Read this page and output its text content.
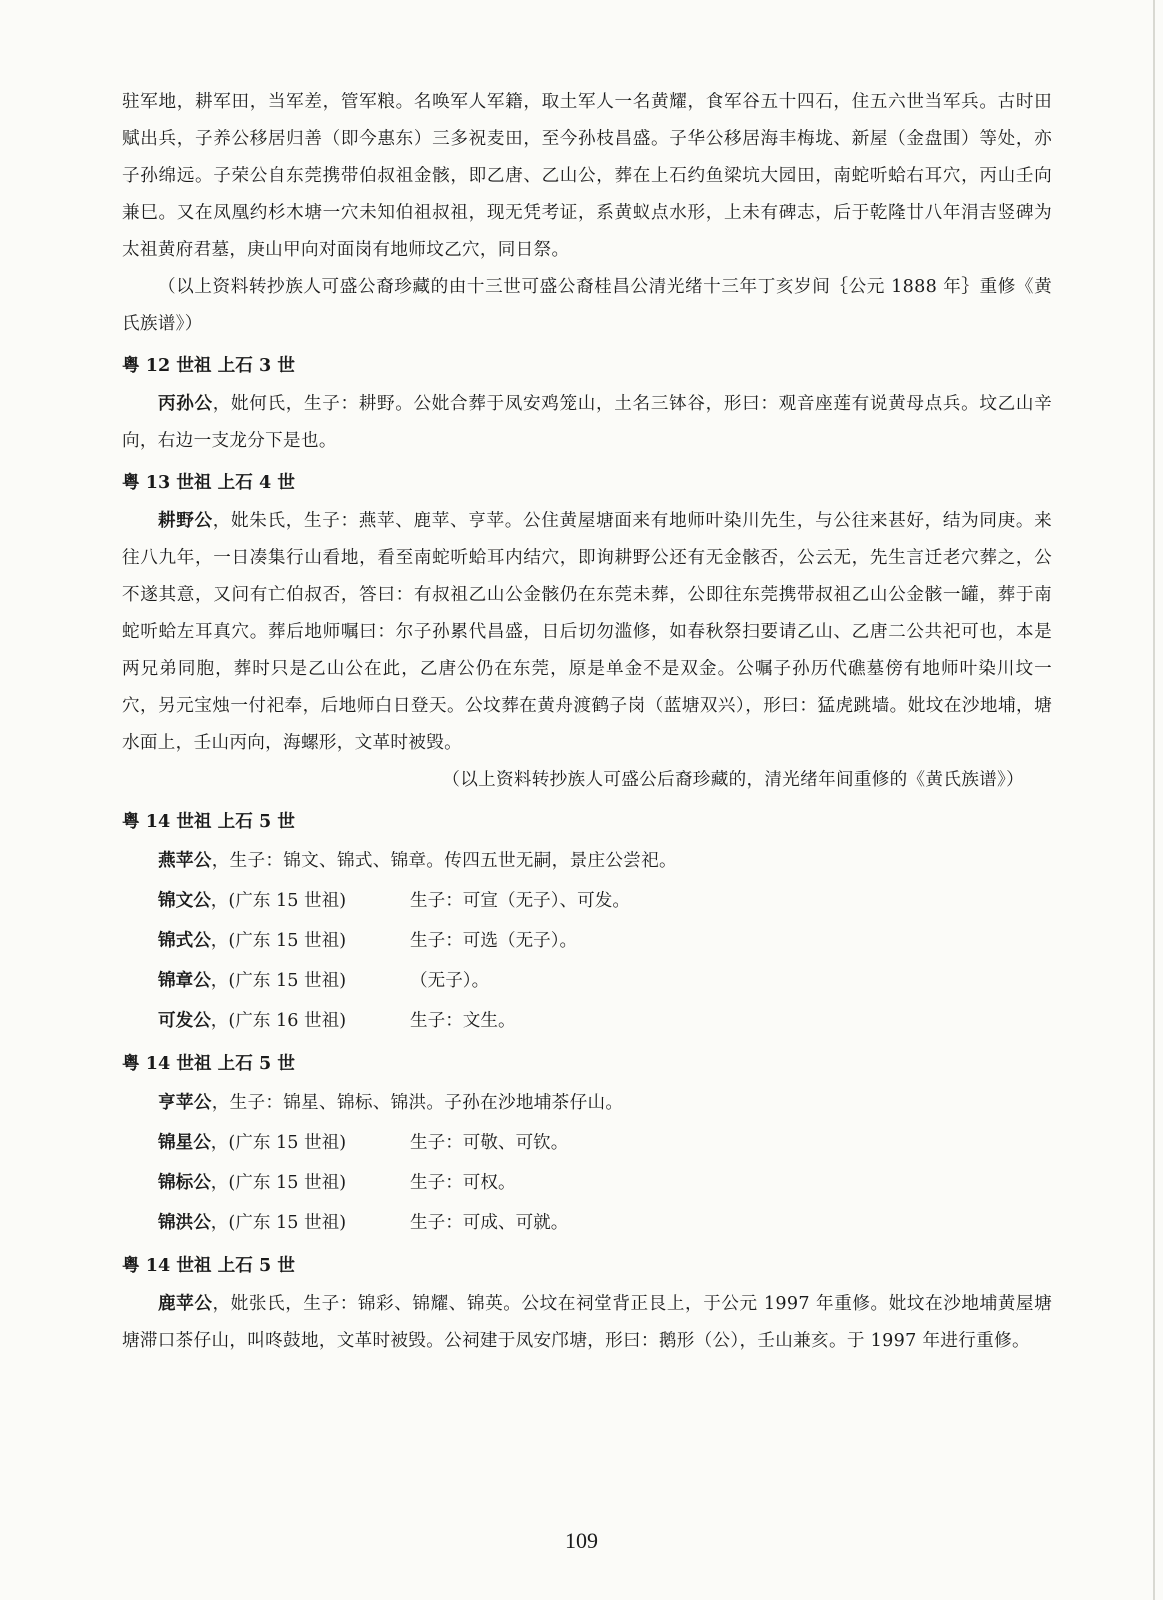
驻军地，耕军田，当军差，管军粮。名唤军人军籍，取土军人一名黄耀，食军谷五十四石，住五六世当军兵。古时田赋出兵，子养公移居归善（即今惠东）三多祝麦田，至今孙枝昌盛。子华公移居海丰梅垅、新屋（金盘围）等处，亦子孙绵远。子荣公自东莞携带伯叔祖金骸，即乙唐、乙山公，葬在上石约鱼梁坑大园田，南蛇听蛤右耳穴，丙山壬向兼巳。又在凤凰约杉木塘一穴未知伯祖叔祖，现无凭考证，系黄蚁点水形，上未有碑志，后于乾隆廿八年涓吉竖碑为太祖黄府君墓，庚山甲向对面岗有地师坟乙穴，同日祭。

（以上资料转抄族人可盛公裔珍藏的由十三世可盛公裔桂昌公清光绪十三年丁亥岁间｛公元 1888 年｝重修《黄氏族谱》）

粤 12 世祖 上石 3 世

丙孙公，妣何氏，生子：耕野。公妣合葬于凤安鸡笼山，土名三钵谷，形曰：观音座莲有说黄母点兵。坟乙山辛向，右边一支龙分下是也。

粤 13 世祖 上石 4 世

耕野公，妣朱氏，生子：燕苹、鹿苹、亨苹。公住黄屋塘面来有地师叶染川先生，与公往来甚好，结为同庚。来往八九年，一日凑集行山看地，看至南蛇听蛤耳内结穴，即询耕野公还有无金骸否，公云无，先生言迁老穴葬之，公不遂其意，又问有亡伯叔否，答曰：有叔祖乙山公金骸仍在东莞未葬，公即往东莞携带叔祖乙山公金骸一罐，葬于南蛇听蛤左耳真穴。葬后地师嘱曰：尔子孙累代昌盛，日后切勿滥修，如春秋祭扫要请乙山、乙唐二公共祀可也，本是两兄弟同胞，葬时只是乙山公在此，乙唐公仍在东莞，原是单金不是双金。公嘱子孙历代礁墓傍有地师叶染川坟一穴，另元宝烛一付祀奉，后地师白日登天。公坟葬在黄舟渡鹤子岗（蓝塘双兴），形曰：猛虎跳墙。妣坟在沙地埔，塘水面上，壬山丙向，海螺形，文革时被毁。

（以上资料转抄族人可盛公后裔珍藏的，清光绪年间重修的《黄氏族谱》）

粤 14 世祖 上石 5 世

燕苹公，生子：锦文、锦式、锦章。传四五世无嗣，景庄公尝祀。

锦文公，(广东 15 世祖)	生子：可宣（无子）、可发。

锦式公，(广东 15 世祖)	生子：可选（无子）。

锦章公，(广东 15 世祖)	（无子）。

可发公，(广东 16 世祖)	生子：文生。

粤 14 世祖 上石 5 世

亨苹公，生子：锦星、锦标、锦洪。子孙在沙地埔茶仔山。

锦星公，(广东 15 世祖)	生子：可敬、可钦。

锦标公，(广东 15 世祖)	生子：可权。

锦洪公，(广东 15 世祖)	生子：可成、可就。

粤 14 世祖 上石 5 世

鹿苹公，妣张氏，生子：锦彩、锦耀、锦英。公坟在祠堂背正艮上，于公元 1997 年重修。妣坟在沙地埔黄屋塘塘滞口茶仔山，叫咚鼓地，文革时被毁。公祠建于凤安邝塘，形曰：鹅形（公），壬山兼亥。于 1997 年进行重修。

109
